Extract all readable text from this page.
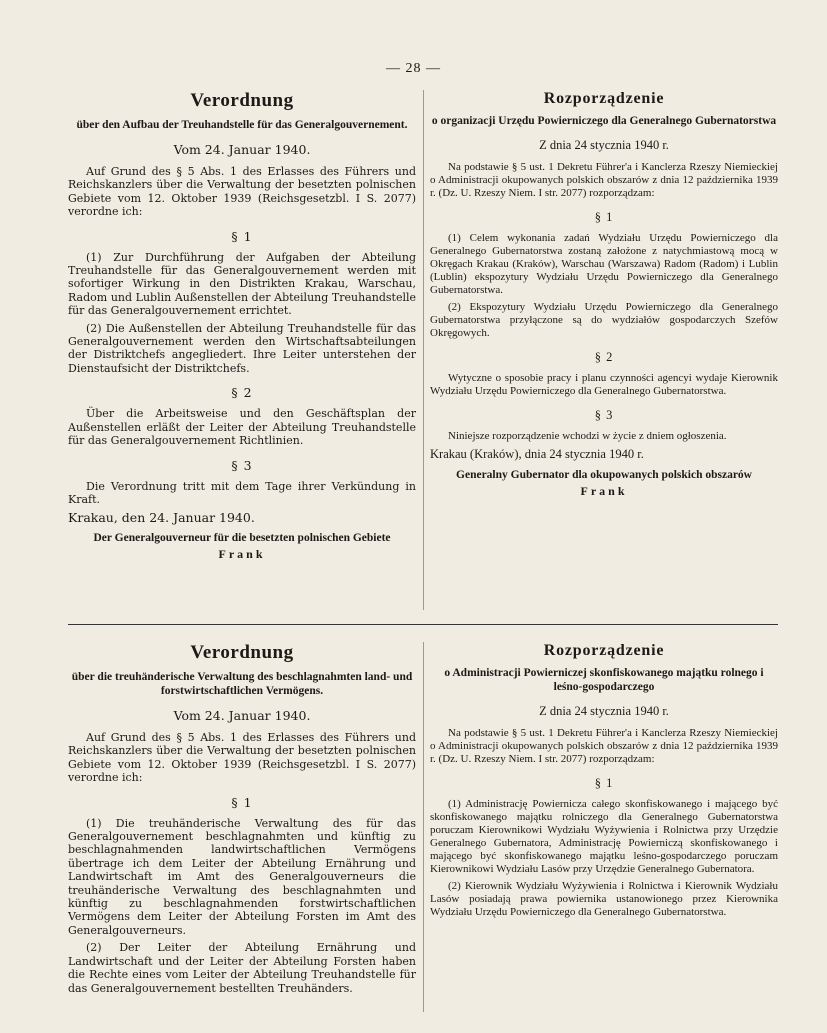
— 28 —

Verordnung

über den Aufbau der Treuhandstelle für das Generalgouvernement.

Vom 24. Januar 1940.

Auf Grund des § 5 Abs. 1 des Erlasses des Führers und Reichskanzlers über die Verwaltung der besetzten polnischen Gebiete vom 12. Oktober 1939 (Reichsgesetzbl. I S. 2077) verordne ich:

§ 1

(1) Zur Durchführung der Aufgaben der Abteilung Treuhandstelle für das Generalgouvernement werden mit sofortiger Wirkung in den Distrikten Krakau, Warschau, Radom und Lublin Außenstellen der Abteilung Treuhandstelle für das Generalgouvernement errichtet.

(2) Die Außenstellen der Abteilung Treuhandstelle für das Generalgouvernement werden den Wirtschaftsabteilungen der Distriktchefs angegliedert. Ihre Leiter unterstehen der Dienstaufsicht der Distriktchefs.

§ 2

Über die Arbeitsweise und den Geschäftsplan der Außenstellen erläßt der Leiter der Abteilung Treuhandstelle für das Generalgouvernement Richtlinien.

§ 3

Die Verordnung tritt mit dem Tage ihrer Verkündung in Kraft.

Krakau, den 24. Januar 1940.

Der Generalgouverneur für die besetzten polnischen Gebiete

Frank

Rozporządzenie

o organizacji Urzędu Powierniczego dla Generalnego Gubernatorstwa

Z dnia 24 stycznia 1940 r.

Na podstawie § 5 ust. 1 Dekretu Führer'a i Kanclerza Rzeszy Niemieckiej o Administracji okupowanych polskich obszarów z dnia 12 października 1939 r. (Dz. U. Rzeszy Niem. I str. 2077) rozporządzam:

§ 1

(1) Celem wykonania zadań Wydziału Urzędu Powierniczego dla Generalnego Gubernatorstwa zostaną założone z natychmiastową mocą w Okręgach Krakau (Kraków), Warschau (Warszawa) Radom (Radom) i Lublin (Lublin) ekspozytury Wydziału Urzędu Powierniczego dla Generalnego Gubernatorstwa.

(2) Ekspozytury Wydziału Urzędu Powierniczego dla Generalnego Gubernatorstwa przyłączone są do wydziałów gospodarczych Szefów Okręgowych.

§ 2

Wytyczne o sposobie pracy i planu czynności agencyi wydaje Kierownik Wydziału Urzędu Powierniczego dla Generalnego Gubernatorstwa.

§ 3

Niniejsze rozporządzenie wchodzi w życie z dniem ogłoszenia.

Krakau (Kraków), dnia 24 stycznia 1940 r.

Generalny Gubernator dla okupowanych polskich obszarów

Frank

Verordnung

über die treuhänderische Verwaltung des beschlagnahmten land- und forstwirtschaftlichen Vermögens.

Vom 24. Januar 1940.

Auf Grund des § 5 Abs. 1 des Erlasses des Führers und Reichskanzlers über die Verwaltung der besetzten polnischen Gebiete vom 12. Oktober 1939 (Reichsgesetzbl. I S. 2077) verordne ich:

§ 1

(1) Die treuhänderische Verwaltung des für das Generalgouvernement beschlagnahmten und künftig zu beschlagnahmenden landwirtschaftlichen Vermögens übertrage ich dem Leiter der Abteilung Ernährung und Landwirtschaft im Amt des Generalgouverneurs die treuhänderische Verwaltung des beschlagnahmten und künftig zu beschlagnahmenden forstwirtschaftlichen Vermögens dem Leiter der Abteilung Forsten im Amt des Generalgouverneurs.

(2) Der Leiter der Abteilung Ernährung und Landwirtschaft und der Leiter der Abteilung Forsten haben die Rechte eines vom Leiter der Abteilung Treuhandstelle für das Generalgouvernement bestellten Treuhänders.

Rozporządzenie

o Administracji Powierniczej skonfiskowanego majątku rolnego i leśno-gospodarczego

Z dnia 24 stycznia 1940 r.

Na podstawie § 5 ust. 1 Dekretu Führer'a i Kanclerza Rzeszy Niemieckiej o Administracji okupowanych polskich obszarów z dnia 12 października 1939 r. (Dz. U. Rzeszy Niem. I str. 2077) rozporządzam:

§ 1

(1) Administrację Powiernicza całego skonfiskowanego i mającego być skonfiskowanego majątku rolniczego dla Generalnego Gubernatorstwa poruczam Kierownikowi Wydziału Wyżywienia i Rolnictwa przy Urzędzie Generalnego Gubernatora, Administrację Powierniczą skonfiskowanego i mającego być skonfiskowanego majątku leśno-gospodarczego poruczam Kierownikowi Wydziału Lasów przy Urzędzie Generalnego Gubernatora.

(2) Kierownik Wydziału Wyżywienia i Rolnictwa i Kierownik Wydziału Lasów posiadają prawa powiernika ustanowionego przez Kierownika Wydziału Urzędu Powierniczego dla Generalnego Gubernatorstwa.
